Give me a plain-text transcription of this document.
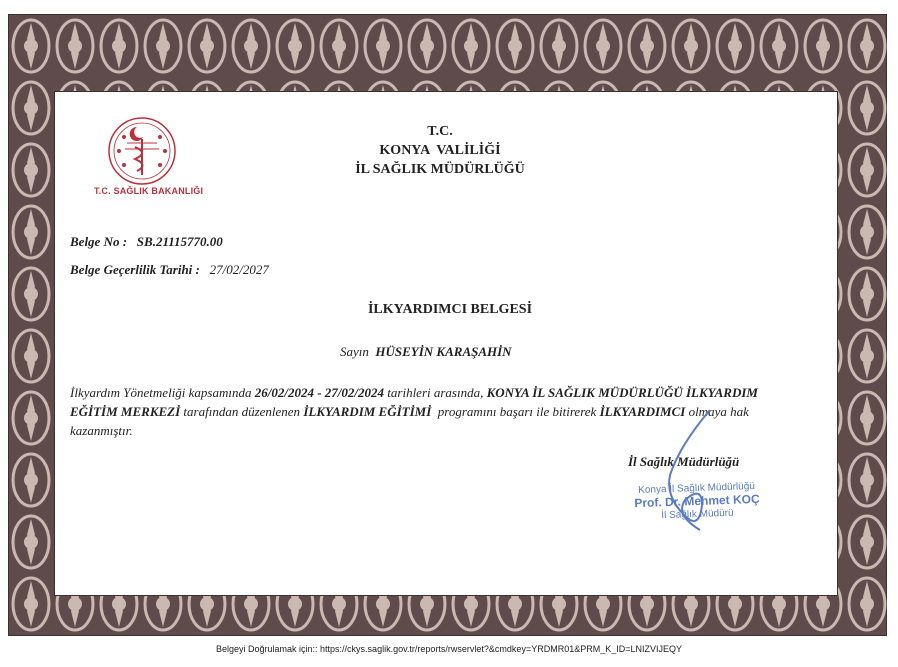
T.C. SAĞLIK BAKANLIĞI
T.C.
KONYA  VALİLİĞİ
İL SAĞLIK MÜDÜRLÜĞÜ
Belge No : SB.21115770.00
Belge Geçerlilik Tarihi : 27/02/2027
İLKYARDIMCI BELGESİ
Sayın HÜSEYİN KARAŞAHİN
İlkyardım Yönetmeliği kapsamında 26/02/2024 - 27/02/2024 tarihleri arasında, KONYA İL SAĞLIK MÜDÜRLÜĞÜ İLKYARDIM EĞİTİM MERKEZİ tarafından düzenlenen İLKYARDIM EĞİTİMİ  programını başarı ile bitirerek İLKYARDIMCI olmaya hak kazanmıştır.
İl Sağlık Müdürlüğü
Konya İl Sağlık Müdürlüğü
Prof. Dr. Mehmet KOÇ
İl Sağlık Müdürü
Belgeyi Doğrulamak için:: https://ckys.saglik.gov.tr/reports/rwservlet?&cmdkey=YRDMR01&PRM_K_ID=LNIZVIJEQY
